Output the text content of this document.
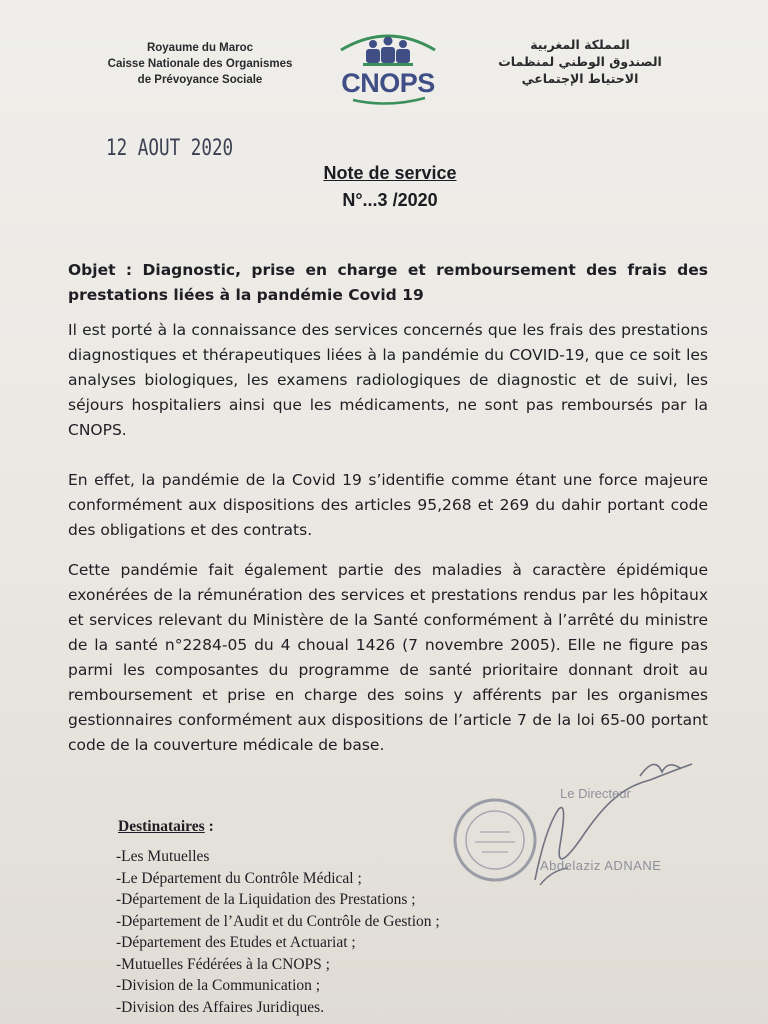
Royaume du Maroc
Caisse Nationale des Organismes
de Prévoyance Sociale	CNOPS
المملكة المغربية
الصندوق الوطني لمنظمات
الاحتياط الإجتماعي
12 AOUT 2020
Note de service
N°...3 /2020
Objet : Diagnostic, prise en charge et remboursement des frais des prestations liées à la pandémie Covid 19
Il est porté à la connaissance des services concernés que les frais des prestations diagnostiques et thérapeutiques liées à la pandémie du COVID-19, que ce soit les analyses biologiques, les examens radiologiques de diagnostic et de suivi, les séjours hospitaliers ainsi que les médicaments, ne sont pas remboursés par la CNOPS.
En effet, la pandémie de la Covid 19 s’identifie comme étant une force majeure conformément aux dispositions des articles 95,268 et 269 du dahir portant code des obligations et des contrats.
Cette pandémie fait également partie des maladies à caractère épidémique exonérées de la rémunération des services et prestations rendus par les hôpitaux et services relevant du Ministère de la Santé conformément à l’arrêté du ministre de la santé n°2284-05 du 4 choual 1426 (7 novembre 2005). Elle ne figure pas parmi les composantes du programme de santé prioritaire donnant droit au remboursement et prise en charge des soins y afférents par les organismes gestionnaires conformément aux dispositions de l’article 7 de la loi 65-00 portant code de la couverture médicale de base.
Le Directeur
Abdelaziz ADNANE
Destinataires :
-Les Mutuelles
-Le Département du Contrôle Médical ;
-Département de la Liquidation des Prestations ;
-Département de l’Audit et du Contrôle de Gestion ;
-Département des Etudes et Actuariat ;
-Mutuelles Fédérées à la CNOPS ;
-Division de la Communication ;
-Division des Affaires Juridiques.
